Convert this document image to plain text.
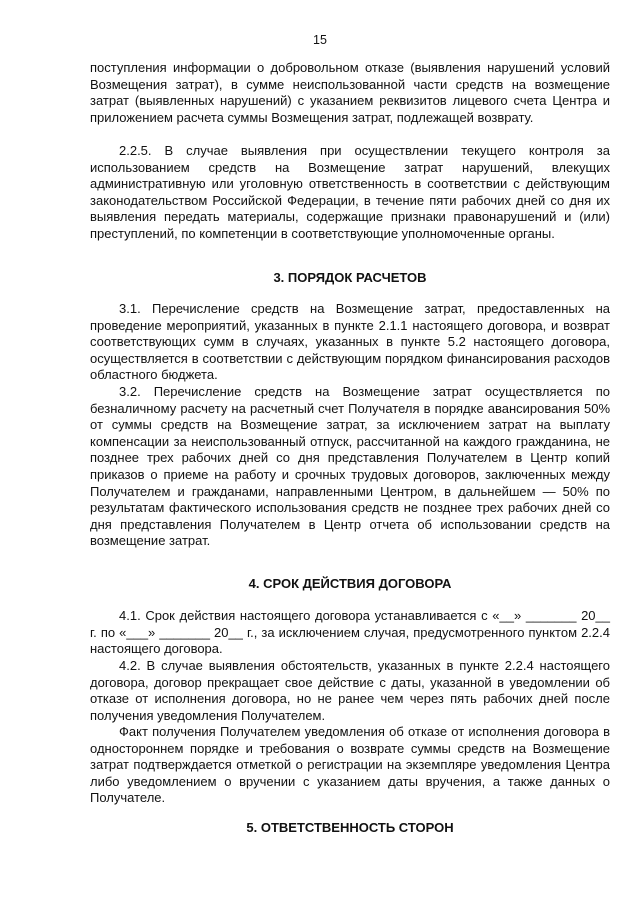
15

поступления информации о добровольном отказе (выявления нарушений условий Возмещения затрат), в сумме неиспользованной части средств на возмещение затрат (выявленных нарушений) с указанием реквизитов лицевого счета Центра и приложением расчета суммы Возмещения затрат, подлежащей возврату.

2.2.5. В случае выявления при осуществлении текущего контроля за использованием средств на Возмещение затрат нарушений, влекущих административную или уголовную ответственность в соответствии с действующим законодательством Российской Федерации, в течение пяти рабочих дней со дня их выявления передать материалы, содержащие признаки правонарушений и (или) преступлений, по компетенции в соответствующие уполномоченные органы.

3. ПОРЯДОК РАСЧЕТОВ

3.1. Перечисление средств на Возмещение затрат, предоставленных на проведение мероприятий, указанных в пункте 2.1.1 настоящего договора, и возврат соответствующих сумм в случаях, указанных в пункте 5.2 настоящего договора, осуществляется в соответствии с действующим порядком финансирования расходов областного бюджета.

3.2. Перечисление средств на Возмещение затрат осуществляется по безналичному расчету на расчетный счет Получателя в порядке авансирования 50% от суммы средств на Возмещение затрат, за исключением затрат на выплату компенсации за неиспользованный отпуск, рассчитанной на каждого гражданина, не позднее трех рабочих дней со дня представления Получателем в Центр копий приказов о приеме на работу и срочных трудовых договоров, заключенных между Получателем и гражданами, направленными Центром, в дальнейшем — 50% по результатам фактического использования средств не позднее трех рабочих дней со дня представления Получателем в Центр отчета об использовании средств на возмещение затрат.

4. СРОК ДЕЙСТВИЯ ДОГОВОРА

4.1. Срок действия настоящего договора устанавливается с «__» _______ 20__ г. по «___» _______ 20__ г., за исключением случая, предусмотренного пунктом 2.2.4 настоящего договора.

4.2. В случае выявления обстоятельств, указанных в пункте 2.2.4 настоящего договора, договор прекращает свое действие с даты, указанной в уведомлении об отказе от исполнения договора, но не ранее чем через пять рабочих дней после получения уведомления Получателем.

Факт получения Получателем уведомления об отказе от исполнения договора в одностороннем порядке и требования о возврате суммы средств на Возмещение затрат подтверждается отметкой о регистрации на экземпляре уведомления Центра либо уведомлением о вручении с указанием даты вручения, а также данных о Получателе.

5. ОТВЕТСТВЕННОСТЬ СТОРОН
